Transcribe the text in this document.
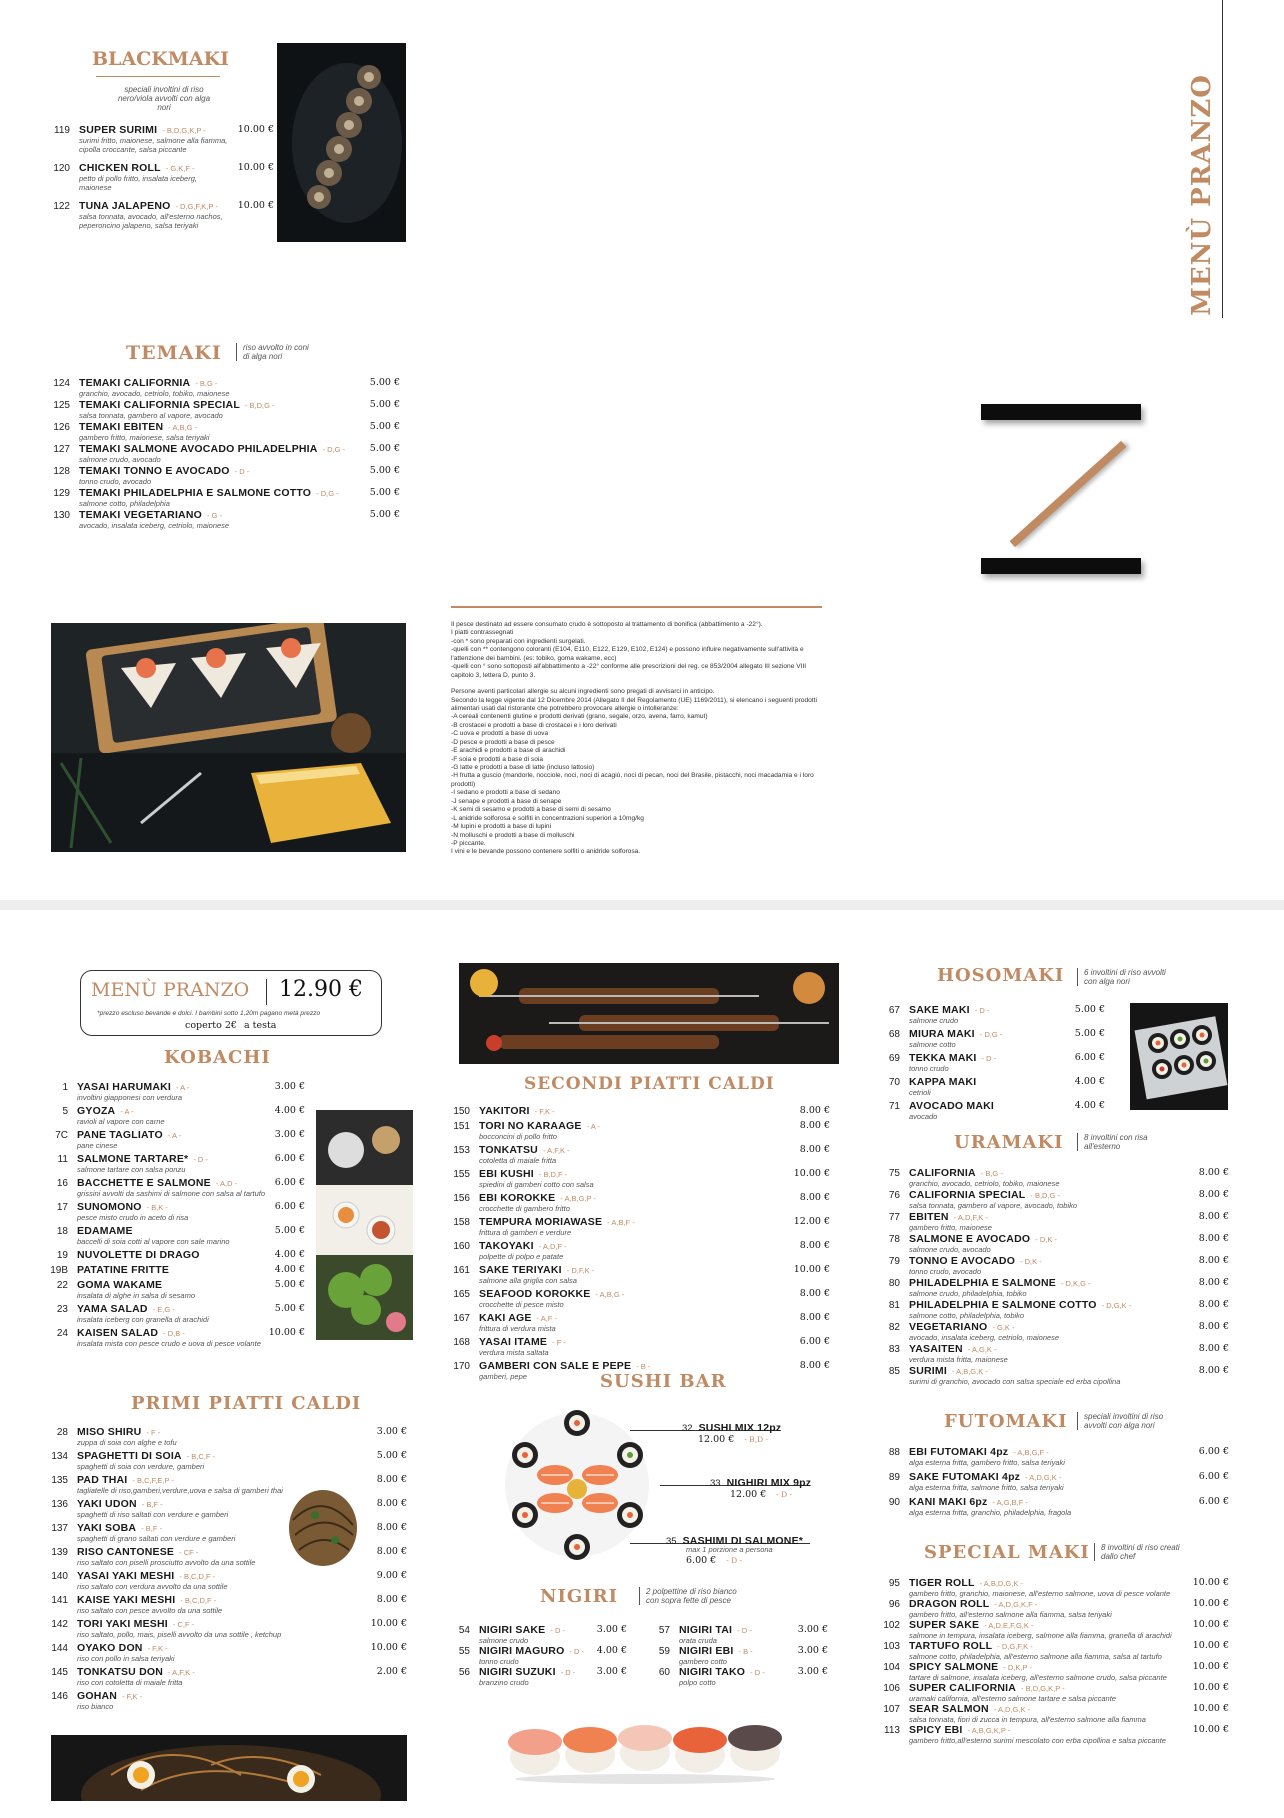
BLACKMAKI
speciali involtini di riso nero/viola avvolti con alga nori
119 SUPER SURIMI - B,D,G,K,P -	10.00 €
surimi fritto, maionese, salmone alla fiamma, cipolla croccante, salsa piccante
120 CHICKEN ROLL - G,K,F -	10.00 €
petto di pollo fritto, insalata iceberg, maionese
122 TUNA JALAPENO - D,G,F,K,P - 10.00 €
salsa tonnata, avocado, all'esterno nachos, peperoncino jalapeno, salsa teriyaki
TEMAKI	riso avvolto in coni di alga nori
124 TEMAKI CALIFORNIA - B,G -	5.00 €
granchio, avocado, cetriolo, tobiko, maionese
125 TEMAKI CALIFORNIA SPECIAL - B,D,G -	5.00 €
salsa tonnata, gambero al vapore, avocado
126 TEMAKI EBITEN - A,B,G -	5.00 €
gambero fritto, maionese, salsa teriyaki
127 TEMAKI SALMONE AVOCADO PHILADELPHIA - D,G -	5.00 €
salmone crudo, avocado
128 TEMAKI TONNO E AVOCADO - D -	5.00 €
tonno crudo, avocado
129 TEMAKI PHILADELPHIA E SALMONE COTTO - D,G -	5.00 €
salmone cotto, philadelphia
130 TEMAKI VEGETARIANO - G -	5.00 €
avocado, insalata iceberg, cetriolo, maionese
Il pesce destinato ad essere consumato crudo è sottoposto al trattamento di bonifica (abbattimento a -22°).
I piatti contrassegnati
-con * sono preparati con ingredienti surgelati.
-quelli con ** contengono coloranti (E104, E110, E122, E129, E102, E124) e possono influire negativamente sull'attività e l'attenzione dei bambini. (es: tobiko, goma wakame, ecc)
-quelli con ° sono sottoposti all'abbattimento a -22° conforme alle prescrizioni del reg. ce 853/2004 allegato III sezione VIII capitolo 3, lettera D, punto 3.
Persone aventi particolari allergie su alcuni ingredienti sono pregati di avvisarci in anticipo.
Secondo la legge vigente dal 12 Dicembre 2014 (Allegato II del Regolamento (UE) 1169/2011), si elencano i seguenti prodotti alimentari usati dal ristorante che potrebbero provocare allergie o intolleranze:
-A cereali contenenti glutine e prodotti derivati (grano, segale, orzo, avena, farro, kamut)
-B crostacei e prodotti a base di crostacei e i loro derivati
-C uova e prodotti a base di uova
-D pesce e prodotti a base di pesce
-E arachidi e prodotti a base di arachidi
-F soia e prodotti a base di soia
-G latte e prodotti a base di latte (incluso lattosio)
-H frutta a guscio (mandorle, nocciole, noci, noci di acagiù, noci di pecan, noci del Brasile, pistacchi, noci macadamia e i loro prodotti)
-I sedano e prodotti a base di sedano
-J senape e prodotti a base di senape
-K semi di sesamo e prodotti a base di semi di sesamo
-L anidride solforosa e solfiti in concentrazioni superiori a 10mg/kg
-M lupini e prodotti a base di lupini
-N molluschi e prodotti a base di molluschi
-P piccante.
I vini e le bevande possono contenere solfiti o anidride solforosa.
MENÙ PRANZO
MENÙ PRANZO 12.90 €
*prezzo escluso bevande e dolci. I bambini sotto 1,20m pagano metà prezzo
coperto 2€ a testa
KOBACHI
1 YASAI HARUMAKI - A -	3.00 €
involtini giapponesi con verdura
5 GYOZA - A -	4.00 €
ravioli al vapore con carne
7C PANE TAGLIATO - A -	3.00 €
pane cinese
11 SALMONE TARTARE* - D -	6.00 €
salmone tartare con salsa ponzu
16 BACCHETTE E SALMONE - A,D -	6.00 €
grissini avvolti da sashimi di salmone con salsa al tartufo
17 SUNOMONO - B,K -	6.00 €
pesce misto crudo in aceto di risa
18 EDAMAME	5.00 €
baccelli di soia cotti al vapore con sale marino
19 NUVOLETTE DI DRAGO	4.00 €
19B PATATINE FRITTE	4.00 €
22 GOMA WAKAME	5.00 €
insalata di alghe in salsa di sesamo
23 YAMA SALAD - E,G -	5.00 €
insalata iceberg con granella di arachidi
24 KAISEN SALAD - D,B -	10.00 €
insalata mista con pesce crudo e uova di pesce volante
PRIMI PIATTI CALDI
28 MISO SHIRU - F -	3.00 €
zuppa di soia con alghe e tofu
134 SPAGHETTI DI SOIA - B,C,F -	5.00 €
spaghetti di soia con verdure, gamberi
135 PAD THAI - B,C,F,E,P -	8.00 €
tagliatelle di riso,gamberi,verdure,uova e salsa di gamberi thai
136 YAKI UDON - B,F -	8.00 €
spaghetti di riso saltati con verdure e gamberi
137 YAKI SOBA - B,F -	8.00 €
spaghetti di grano saltati con verdure e gamberi
139 RISO CANTONESE - CF -	8.00 €
riso saltato con piselli prosciutto avvolto da una sottile
140 YASAI YAKI MESHI - B,C,D,F -	9.00 €
riso saltato con verdura avvolto da una sottile
141 KAISE YAKI MESHI - B,C,D,F -	8.00 €
riso saltato con pesce avvolto da una sottile
142 TORI YAKI MESHI - C,F -	10.00 €
riso saltato, pollo, mais, piselli avvolto da una sottile , ketchup
144 OYAKO DON - F,K -	10.00 €
riso con pollo in salsa teriyaki
145 TONKATSU DON - A,F,K -	2.00 €
riso con cotoletta di maiale fritta
146 GOHAN - F,K -
riso bianco
SECONDI PIATTI CALDI
150 YAKITORI - F,K -	8.00 €
151 TORI NO KARAAGE - A -	8.00 €
bocconcini di pollo fritto
153 TONKATSU - A,F,K -	8.00 €
cotoletta di maiale fritta
155 EBI KUSHI - B,D,F -	10.00 €
spiedini di gamberi cotto con salsa
156 EBI KOROKKE - A,B,G,P -	8.00 €
crocchette di gambero fritto
158 TEMPURA MORIAWASE - A,B,F -	12.00 €
frittura di gamberi e verdure
160 TAKOYAKI - A,D,F -	8.00 €
polpette di polpo e patate
161 SAKE TERIYAKI - D,F,K -	10.00 €
salmone alla griglia con salsa
165 SEAFOOD KOROKKE - A,B,G -	8.00 €
crocchette di pesce misto
167 KAKI AGE - A,F -	8.00 €
frittura di verdura mista
168 YASAI ITAME - F -	6.00 €
verdura mista saltata
170 GAMBERI CON SALE E PEPE - B -	8.00 €
gamberi, pepe	SUSHI BAR
32 SUSHI MIX 12pz
12.00 € - B,D -
33 NIGHIRI MIX 9pz
12.00 € - D -
35 SASHIMI DI SALMONE*
max 1 porzione a persona
6.00 € - D -
NIGIRI	2 polpettine di riso bianco con sopra fette di pesce
54 NIGIRI SAKE - D -	3.00 €
salmone crudo
55 NIGIRI MAGURO - D - 4.00 €
tonno crudo
56 NIGIRI SUZUKI - D - 3.00 €
branzino crudo
57 NIGIRI TAI - D -	3.00 €
orata cruda
59 NIGIRI EBI - B -	3.00 €
gambero cotto
60 NIGIRI TAKO - D -	3.00 €
polpo cotto
HOSOMAKI	6 involtini di riso avvolti con alga nori
67 SAKE MAKI - D -	5.00 €
salmone crudo
68 MIURA MAKI - D,G -	5.00 €
salmone cotto
69 TEKKA MAKI - D -	6.00 €
tonno crudo
70 KAPPA MAKI	4.00 €
cetrioli
71 AVOCADO MAKI	4.00 €
avocado
URAMAKI	8 involtini con risa all'esterno
75 CALIFORNIA - B,G -	8.00 €
granchio, avocado, cetriolo, tobiko, maionese
76 CALIFORNIA SPECIAL - B,D,G -	8.00 €
salsa tonnata, gambero al vapore, avocado, tobiko
77 EBITEN - A,D,F,K -	8.00 €
gambero fritto, maionese
78 SALMONE E AVOCADO - D,K -	8.00 €
salmone crudo, avocado
79 TONNO E AVOCADO - D,K -	8.00 €
tonno crudo, avocado
80 PHILADELPHIA E SALMONE - D,K,G -	8.00 €
salmone crudo, philadelphia, tobiko
81 PHILADELPHIA E SALMONE COTTO - D,G,K -	8.00 €
salmone cotto, philadelphia, tobiko
82 VEGETARIANO - G,K -	8.00 €
avocado, insalata iceberg, cetriolo, maionese
83 YASAITEN - A,G,K -	8.00 €
verdura mista fritta, maionese
85 SURIMI - A,B,G,K -	8.00 €
surimi di granchio, avocado con salsa speciale ed erba cipollina
FUTOMAKI	speciali involtini di riso avvolti con alga nori
88 EBI FUTOMAKI 4pz - A,B,G,F -	6.00 €
alga esterna fritta, gambero fritto, salsa teriyaki
89 SAKE FUTOMAKI 4pz - A,D,G,K -	6.00 €
alga esterna fritta, salmone fritto, salsa teriyaki
90 KANI MAKI 6pz - A,G,B,F -	6.00 €
alga esterna fritta, granchio, philadelphia, fragola
SPECIAL MAKI	8 involtini di riso creati dallo chef
95 TIGER ROLL - A,B,D,G,K -	10.00 €
gambero fritto, granchio, maionese, all'esterno salmone, uova di pesce volante
96 DRAGON ROLL - A,D,G,K,F -	10.00 €
gambero fritto, all'esterno salmone alla fiamma, salsa teriyaki
102 SUPER SAKE - A,D,E,F,G,K -	10.00 €
salmone in tempura, insalata iceberg, salmone alla fiamma, granella di arachidi
103 TARTUFO ROLL - D,G,F,K -	10.00 €
salmone cotto, philadelphia, all'esterno salmone alla fiamma, salsa al tartufo
104 SPICY SALMONE - D,K,P -	10.00 €
tartare di salmone, insalata iceberg, all'esterno salmone crudo, salsa piccante
106 SUPER CALIFORNIA - B,D,G,K,P -	10.00 €
uramaki california, all'esterno salmone tartare e salsa piccante
107 SEAR SALMON - A,D,G,K -	10.00 €
salsa tonnata, fiori di zucca in tempura, all'esterno salmone alla fiamma
113 SPICY EBI - A,B,G,K,P -	10.00 €
gambero fritto,all'esterno surimi mescolato con erba cipollina e salsa piccante
